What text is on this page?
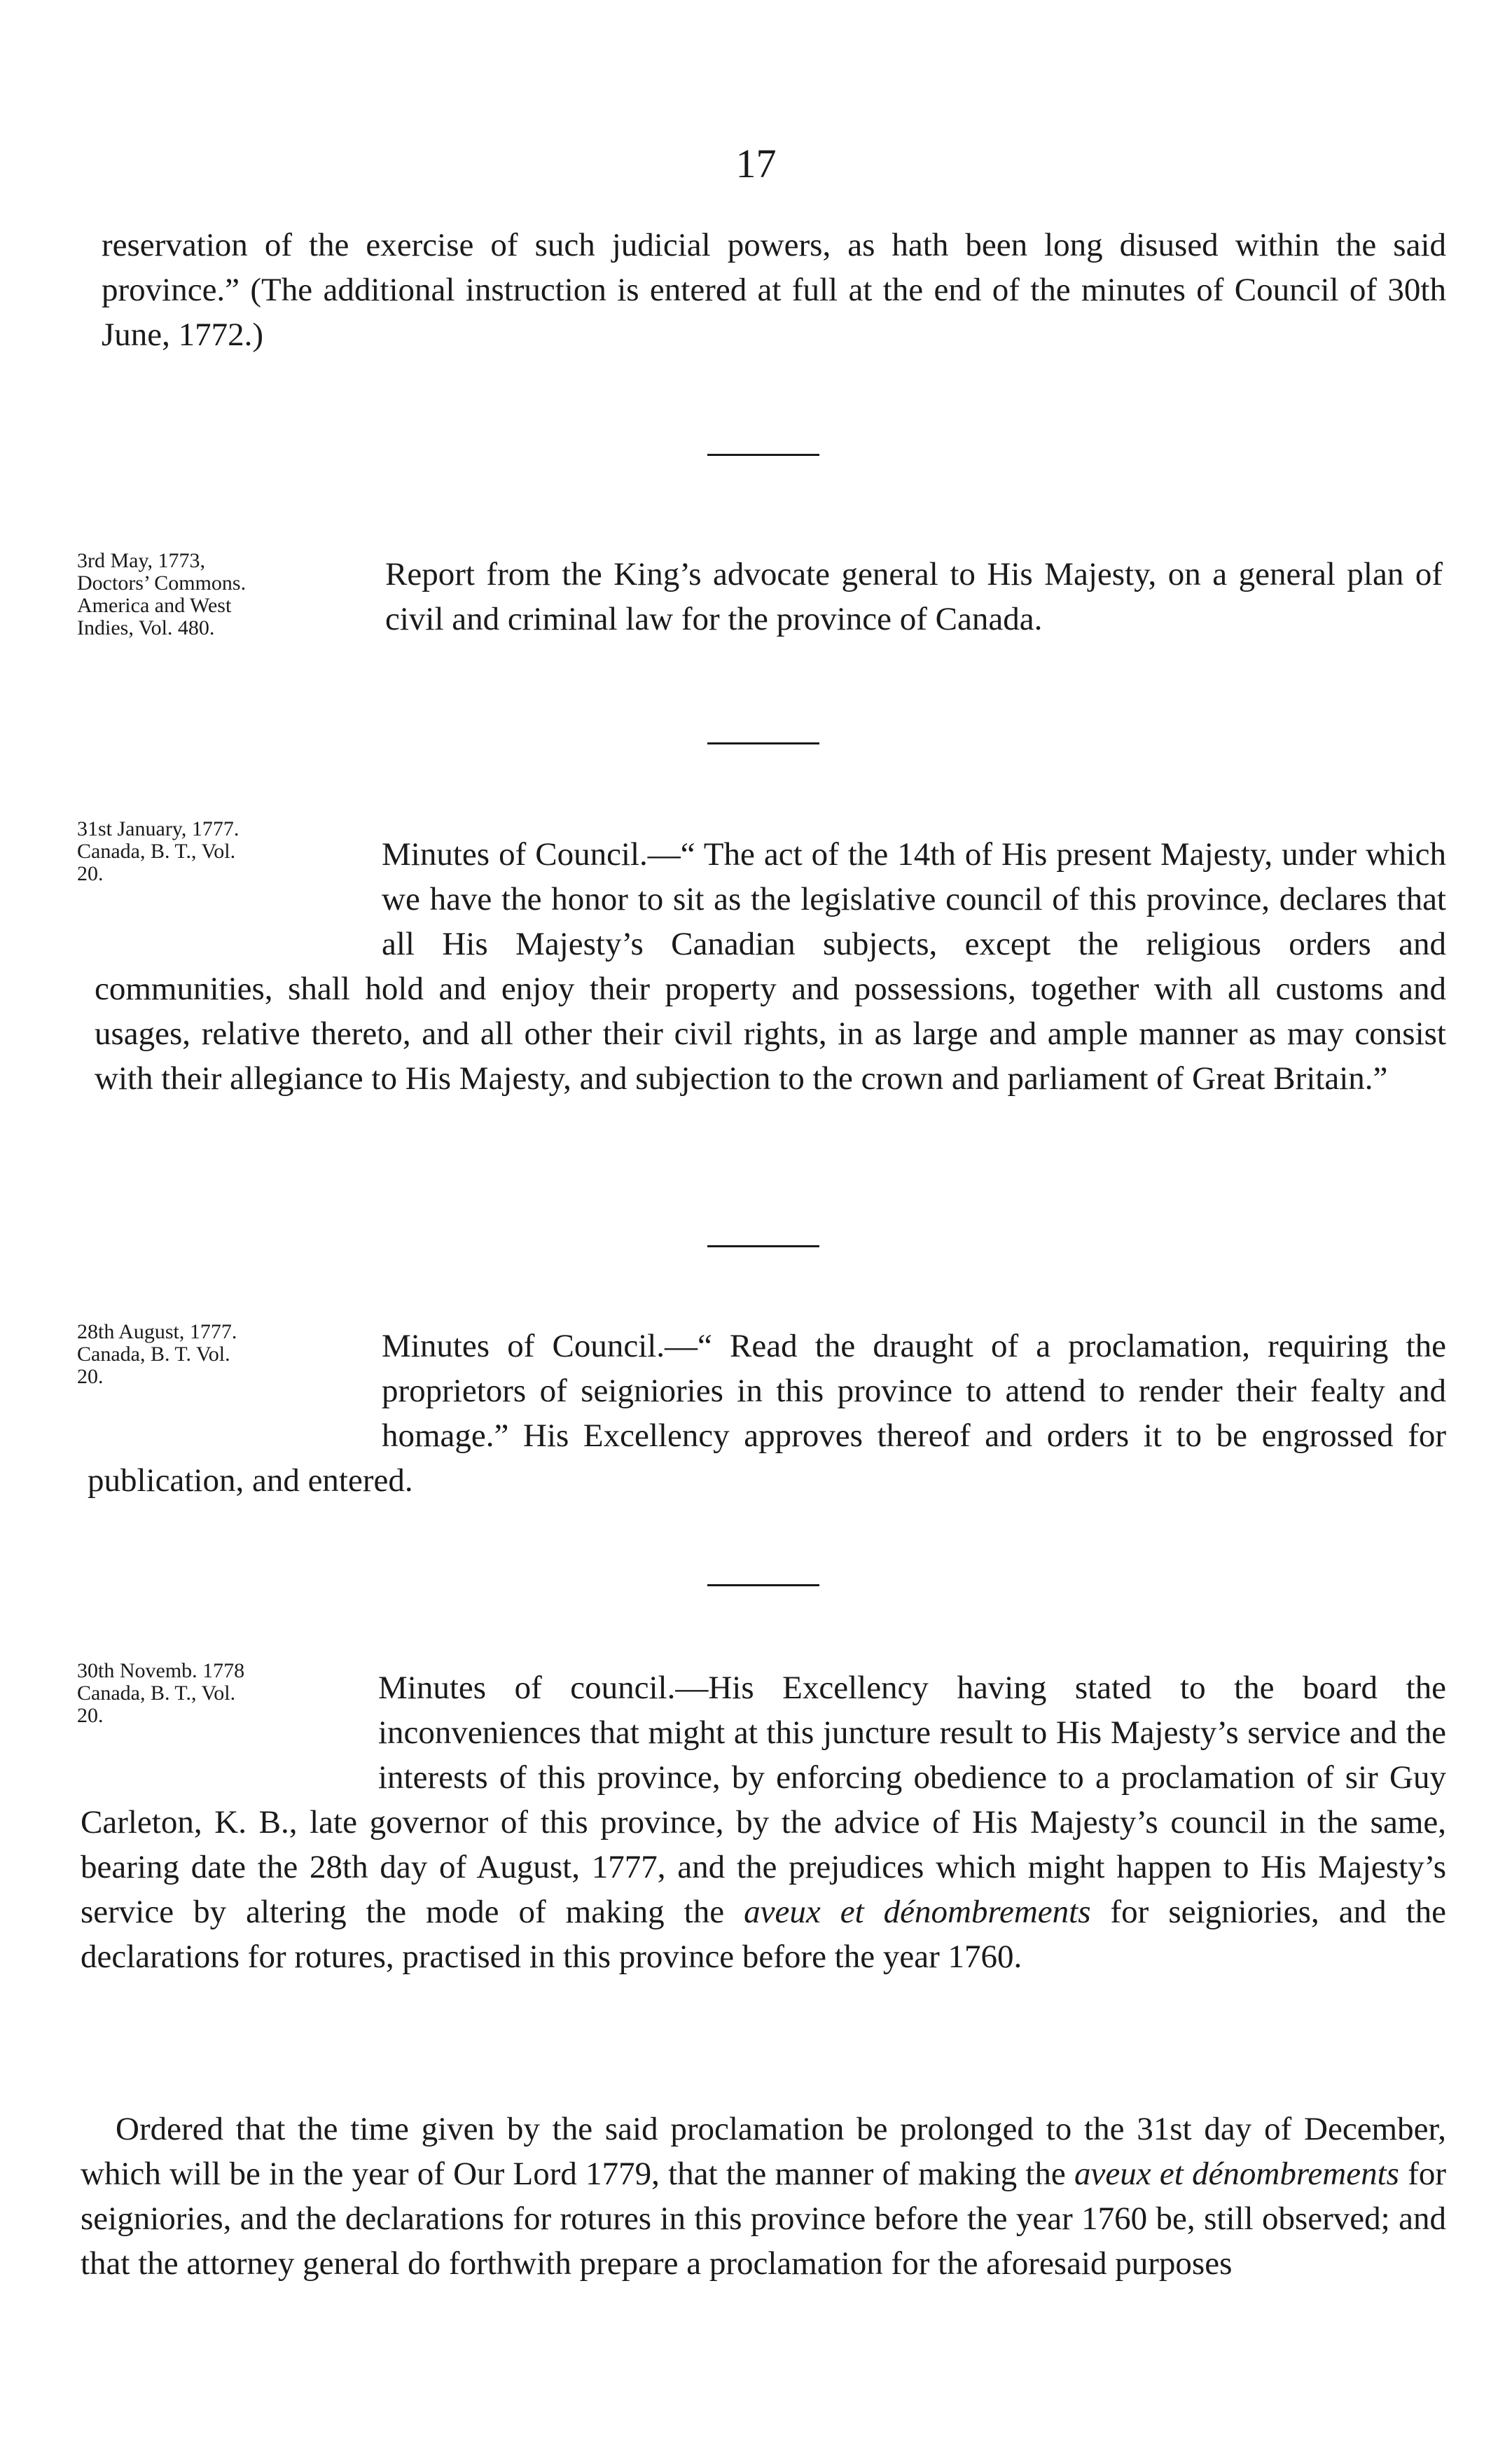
17

reservation of the exercise of such judicial powers, as hath been long disused within the said province.” (The additional instruction is entered at full at the end of the minutes of Council of 30th June, 1772.)

3rd May, 1773,
Doctors’ Commons.
America and West
Indies, Vol. 480.

Report from the King’s advocate general to His Majesty, on a general plan of civil and criminal law for the province of Canada.

31st January, 1777.
Canada, B. T., Vol.
20.

Minutes of Council.—“ The act of the 14th of His present Majesty, under which we have the honor to sit as the legislative council of this province, declares that all His Majesty’s Canadian subjects, except the religious orders and communities, shall hold and enjoy their property and possessions, together with all customs and usages, relative thereto, and all other their civil rights, in as large and ample manner as may consist with their allegiance to His Majesty, and subjection to the crown and parliament of Great Britain.”

28th August, 1777.
Canada, B. T. Vol.
20.

Minutes of Council.—“ Read the draught of a proclamation, requiring the proprietors of seigniories in this province to attend to render their fealty and homage.” His Excellency approves thereof and orders it to be engrossed for publication, and entered.

30th Novemb. 1778
Canada, B. T., Vol.
20.

Minutes of council.—His Excellency having stated to the board the inconveniences that might at this juncture result to His Majesty’s service and the interests of this province, by enforcing obedience to a proclamation of sir Guy Carleton, K. B., late governor of this province, by the advice of His Majesty’s council in the same, bearing date the 28th day of August, 1777, and the prejudices which might happen to His Majesty’s service by altering the mode of making the aveux et dénombrements for seigniories, and the declarations for rotures, practised in this province before the year 1760.

Ordered that the time given by the said proclamation be prolonged to the 31st day of December, which will be in the year of Our Lord 1779, that the manner of making the aveux et dénombrements for seigniories, and the declarations for rotures in this province before the year 1760 be, still observed; and that the attorney general do forthwith prepare a proclamation for the aforesaid purposes
